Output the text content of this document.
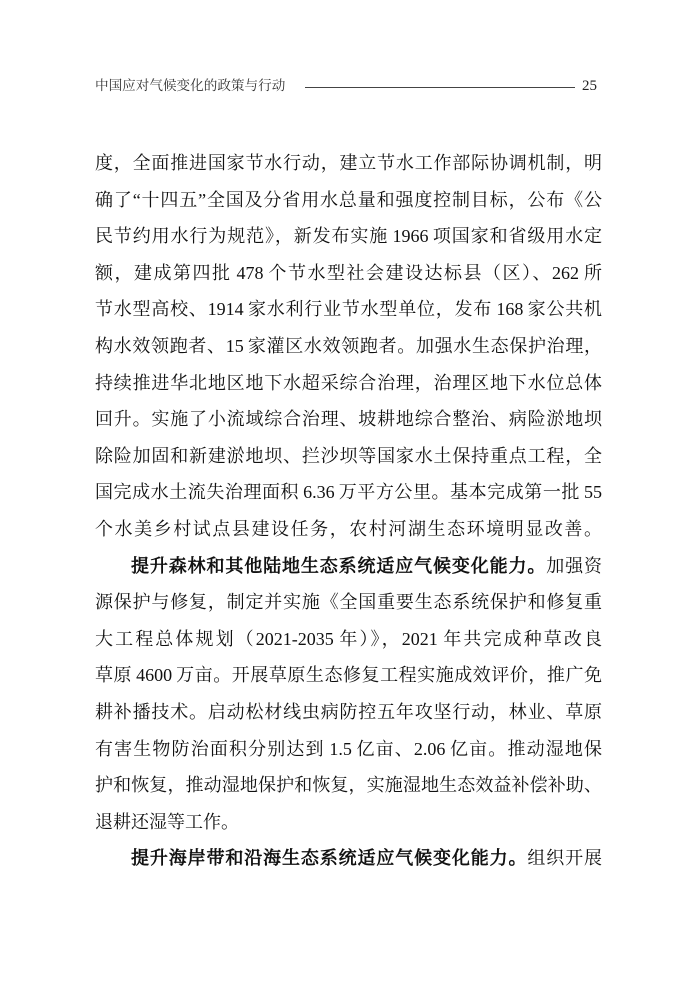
中国应对气候变化的政策与行动	25
度，全面推进国家节水行动，建立节水工作部际协调机制，明
确了“十四五”全国及分省用水总量和强度控制目标，公布《公
民节约用水行为规范》，新发布实施 1966 项国家和省级用水定
额，建成第四批 478 个节水型社会建设达标县（区）、262 所
节水型高校、1914 家水利行业节水型单位，发布 168 家公共机
构水效领跑者、15 家灌区水效领跑者。加强水生态保护治理，
持续推进华北地区地下水超采综合治理，治理区地下水位总体
回升。实施了小流域综合治理、坡耕地综合整治、病险淤地坝
除险加固和新建淤地坝、拦沙坝等国家水土保持重点工程，全
国完成水土流失治理面积 6.36 万平方公里。基本完成第一批 55
个水美乡村试点县建设任务，农村河湖生态环境明显改善。
提升森林和其他陆地生态系统适应气候变化能力。加强资
源保护与修复，制定并实施《全国重要生态系统保护和修复重
大工程总体规划（2021-2035 年）》，2021 年共完成种草改良
草原 4600 万亩。开展草原生态修复工程实施成效评价，推广免
耕补播技术。启动松材线虫病防控五年攻坚行动，林业、草原
有害生物防治面积分别达到 1.5 亿亩、2.06 亿亩。推动湿地保
护和恢复，推动湿地保护和恢复，实施湿地生态效益补偿补助、
退耕还湿等工作。
提升海岸带和沿海生态系统适应气候变化能力。组织开展
